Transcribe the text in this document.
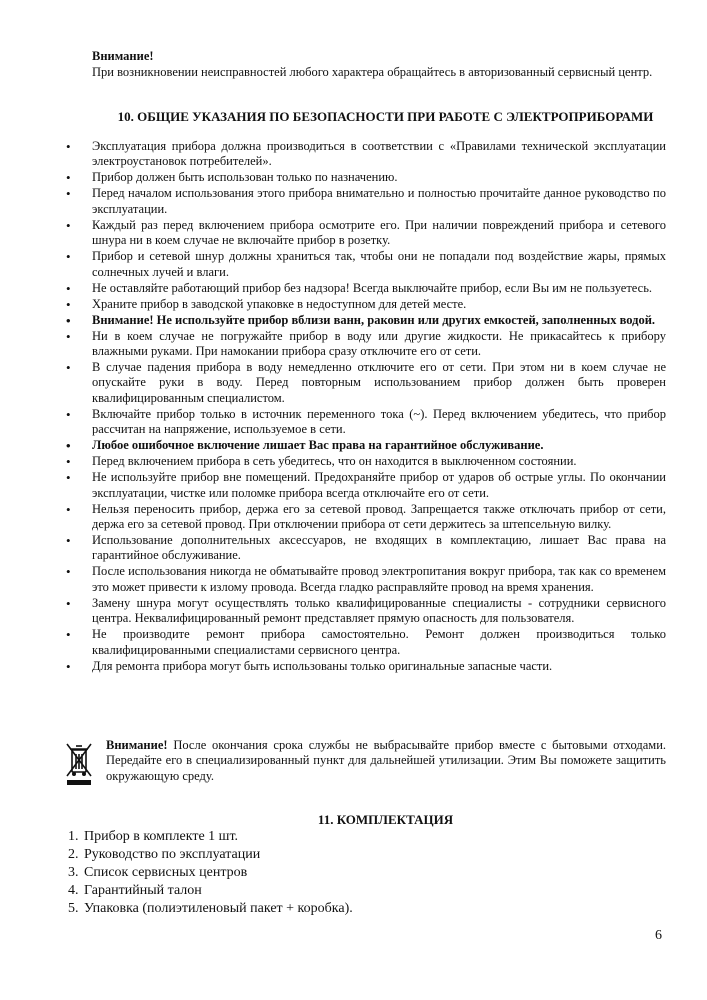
Внимание!
При возникновении неисправностей любого характера обращайтесь в авторизованный сервисный центр.
10. ОБЩИЕ УКАЗАНИЯ ПО БЕЗОПАСНОСТИ ПРИ РАБОТЕ С ЭЛЕКТРОПРИБОРАМИ
• Эксплуатация прибора должна производиться в соответствии с «Правилами технической эксплуатации электроустановок потребителей».
• Прибор должен быть использован только по назначению.
• Перед началом использования этого прибора внимательно и полностью прочитайте данное руководство по эксплуатации.
• Каждый раз перед включением прибора осмотрите его. При наличии повреждений прибора и сетевого шнура ни в коем случае не включайте прибор в розетку.
• Прибор и сетевой шнур должны храниться так, чтобы они не попадали под воздействие жары, прямых солнечных лучей и влаги.
• Не оставляйте работающий прибор без надзора! Всегда выключайте прибор, если Вы им не пользуетесь.
• Храните прибор в заводской упаковке в недоступном для детей месте.
• Внимание! Не используйте прибор вблизи ванн, раковин или других емкостей, заполненных водой.
• Ни в коем случае не погружайте прибор в воду или другие жидкости. Не прикасайтесь к прибору влажными руками. При намокании прибора сразу отключите его от сети.
• В случае падения прибора в воду немедленно отключите его от сети. При этом ни в коем случае не опускайте руки в воду. Перед повторным использованием прибор должен быть проверен квалифицированным специалистом.
• Включайте прибор только в источник переменного тока (~). Перед включением убедитесь, что прибор рассчитан на напряжение, используемое в сети.
• Любое ошибочное включение лишает Вас права на гарантийное обслуживание.
• Перед включением прибора в сеть убедитесь, что он находится в выключенном состоянии.
• Не используйте прибор вне помещений. Предохраняйте прибор от ударов об острые углы. По окончании эксплуатации, чистке или поломке прибора всегда отключайте его от сети.
• Нельзя переносить прибор, держа его за сетевой провод. Запрещается также отключать прибор от сети, держа его за сетевой провод. При отключении прибора от сети держитесь за штепсельную вилку.
• Использование дополнительных аксессуаров, не входящих в комплектацию, лишает Вас права на гарантийное обслуживание.
• После использования никогда не обматывайте провод электропитания вокруг прибора, так как со временем это может привести к излому провода. Всегда гладко расправляйте провод на время хранения.
• Замену шнура могут осуществлять только квалифицированные специалисты - сотрудники сервисного центра. Неквалифицированный ремонт представляет прямую опасность для пользователя.
• Не производите ремонт прибора самостоятельно. Ремонт должен производиться только квалифицированными специалистами сервисного центра.
• Для ремонта прибора могут быть использованы только оригинальные запасные части.
Внимание! После окончания срока службы не выбрасывайте прибор вместе с бытовыми отходами. Передайте его в специализированный пункт для дальнейшей утилизации. Этим Вы поможете защитить окружающую среду.
11. КОМПЛЕКТАЦИЯ
1. Прибор в комплекте 1 шт.
2. Руководство по эксплуатации
3. Список сервисных центров
4. Гарантийный талон
5. Упаковка (полиэтиленовый пакет + коробка).
6
